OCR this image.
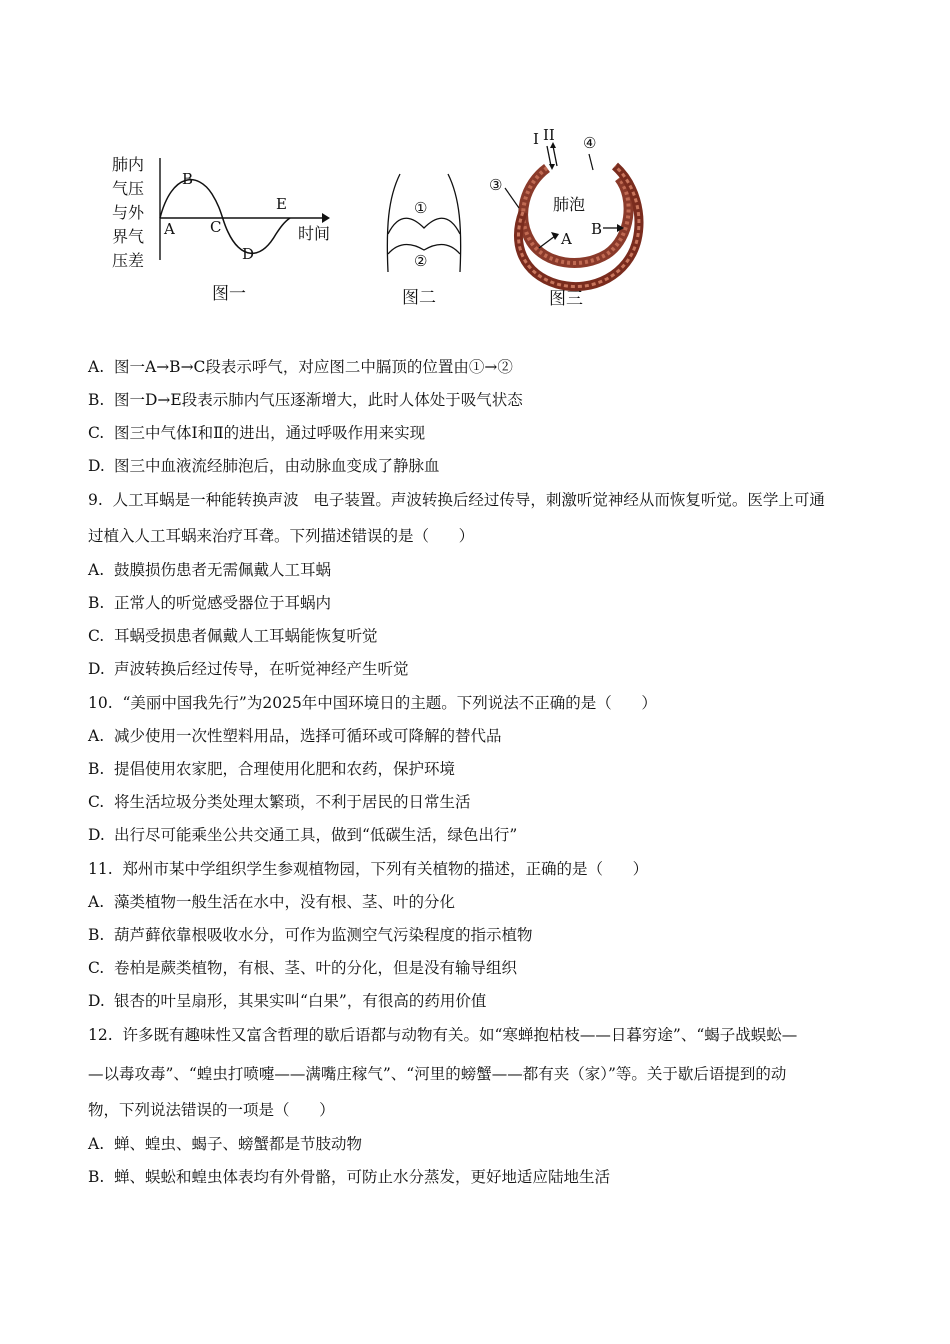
肺内
气压
与外
界气
压差
A
B
C
D
E
时间
图一
①
②
图二
I II
③
④
肺泡
A
B
图三
A. 图一A→B→C段表示呼气，对应图二中膈顶的位置由①→②
B. 图一D→E段表示肺内气压逐渐增大，此时人体处于吸气状态
C. 图三中气体Ⅰ和Ⅱ的进出，通过呼吸作用来实现
D. 图三中血液流经肺泡后，由动脉血变成了静脉血
9.  人工耳蜗是一种能转换声波   电子装置。声波转换后经过传导，刺激听觉神经从而恢复听觉。医学上可通
过植入人工耳蜗来治疗耳聋。下列描述错误的是（      ）
A. 鼓膜损伤患者无需佩戴人工耳蜗
B. 正常人的听觉感受器位于耳蜗内
C. 耳蜗受损患者佩戴人工耳蜗能恢复听觉
D. 声波转换后经过传导，在听觉神经产生听觉
10.  “美丽中国我先行”为2025年中国环境日的主题。下列说法不正确的是（      ）
A. 减少使用一次性塑料用品，选择可循环或可降解的替代品
B. 提倡使用农家肥，合理使用化肥和农药，保护环境
C. 将生活垃圾分类处理太繁琐，不利于居民的日常生活
D. 出行尽可能乘坐公共交通工具，做到“低碳生活，绿色出行”
11.  郑州市某中学组织学生参观植物园，下列有关植物的描述，正确的是（      ）
A. 藻类植物一般生活在水中，没有根、茎、叶的分化
B. 葫芦藓依靠根吸收水分，可作为监测空气污染程度的指示植物
C. 卷柏是蕨类植物，有根、茎、叶的分化，但是没有输导组织
D. 银杏的叶呈扇形，其果实叫“白果”，有很高的药用价值
12.  许多既有趣味性又富含哲理的歇后语都与动物有关。如“寒蝉抱枯枝——日暮穷途”、“蝎子战蜈蚣—
—以毒攻毒”、“蝗虫打喷嚏——满嘴庄稼气”、“河里的螃蟹——都有夹（家）”等。关于歇后语提到的动
物，下列说法错误的一项是（      ）
A. 蝉、蝗虫、蝎子、螃蟹都是节肢动物
B. 蝉、蜈蚣和蝗虫体表均有外骨骼，可防止水分蒸发，更好地适应陆地生活
